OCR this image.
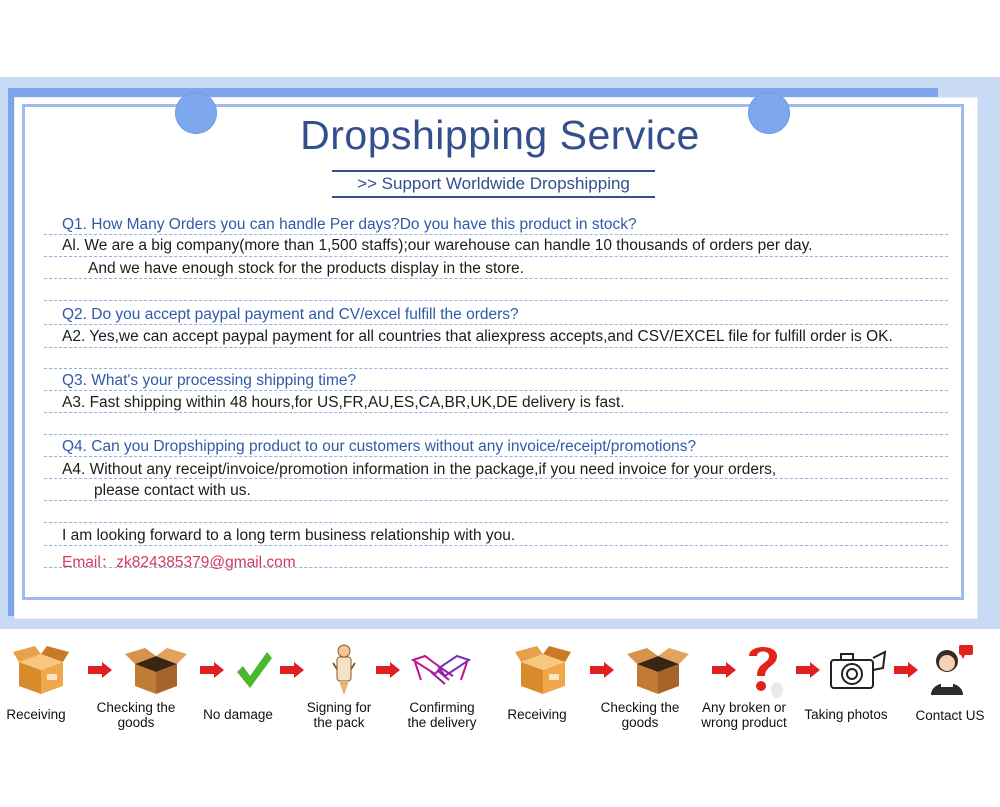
Dropshipping Service
>> Support Worldwide Dropshipping
Q1. How Many Orders you can handle Per days?Do you have this product in stock?
Al. We are a big company(more than 1,500 staffs);our warehouse can handle 10 thousands of orders per day.
And we have enough stock for the products display in the store.
Q2. Do you accept paypal payment and CV/excel fulfill the orders?
A2. Yes,we can accept paypal payment for all countries that aliexpress accepts,and CSV/EXCEL file for fulfill order is OK.
Q3. What's your processing shipping time?
A3. Fast shipping within 48 hours,for US,FR,AU,ES,CA,BR,UK,DE delivery is fast.
Q4. Can you Dropshipping product to our customers without any invoice/receipt/promotions?
A4. Without any receipt/invoice/promotion information in the package,if you need invoice for your orders,
please contact with us.
I am looking forward to a long term business relationship with you.
Email：zk824385379@gmail.com
Receiving	Checking the
goods
No damage	Signing for
the pack
Confirming
the delivery
Receiving	Checking the
goods
Any broken or
wrong product
Taking photos	Contact US
